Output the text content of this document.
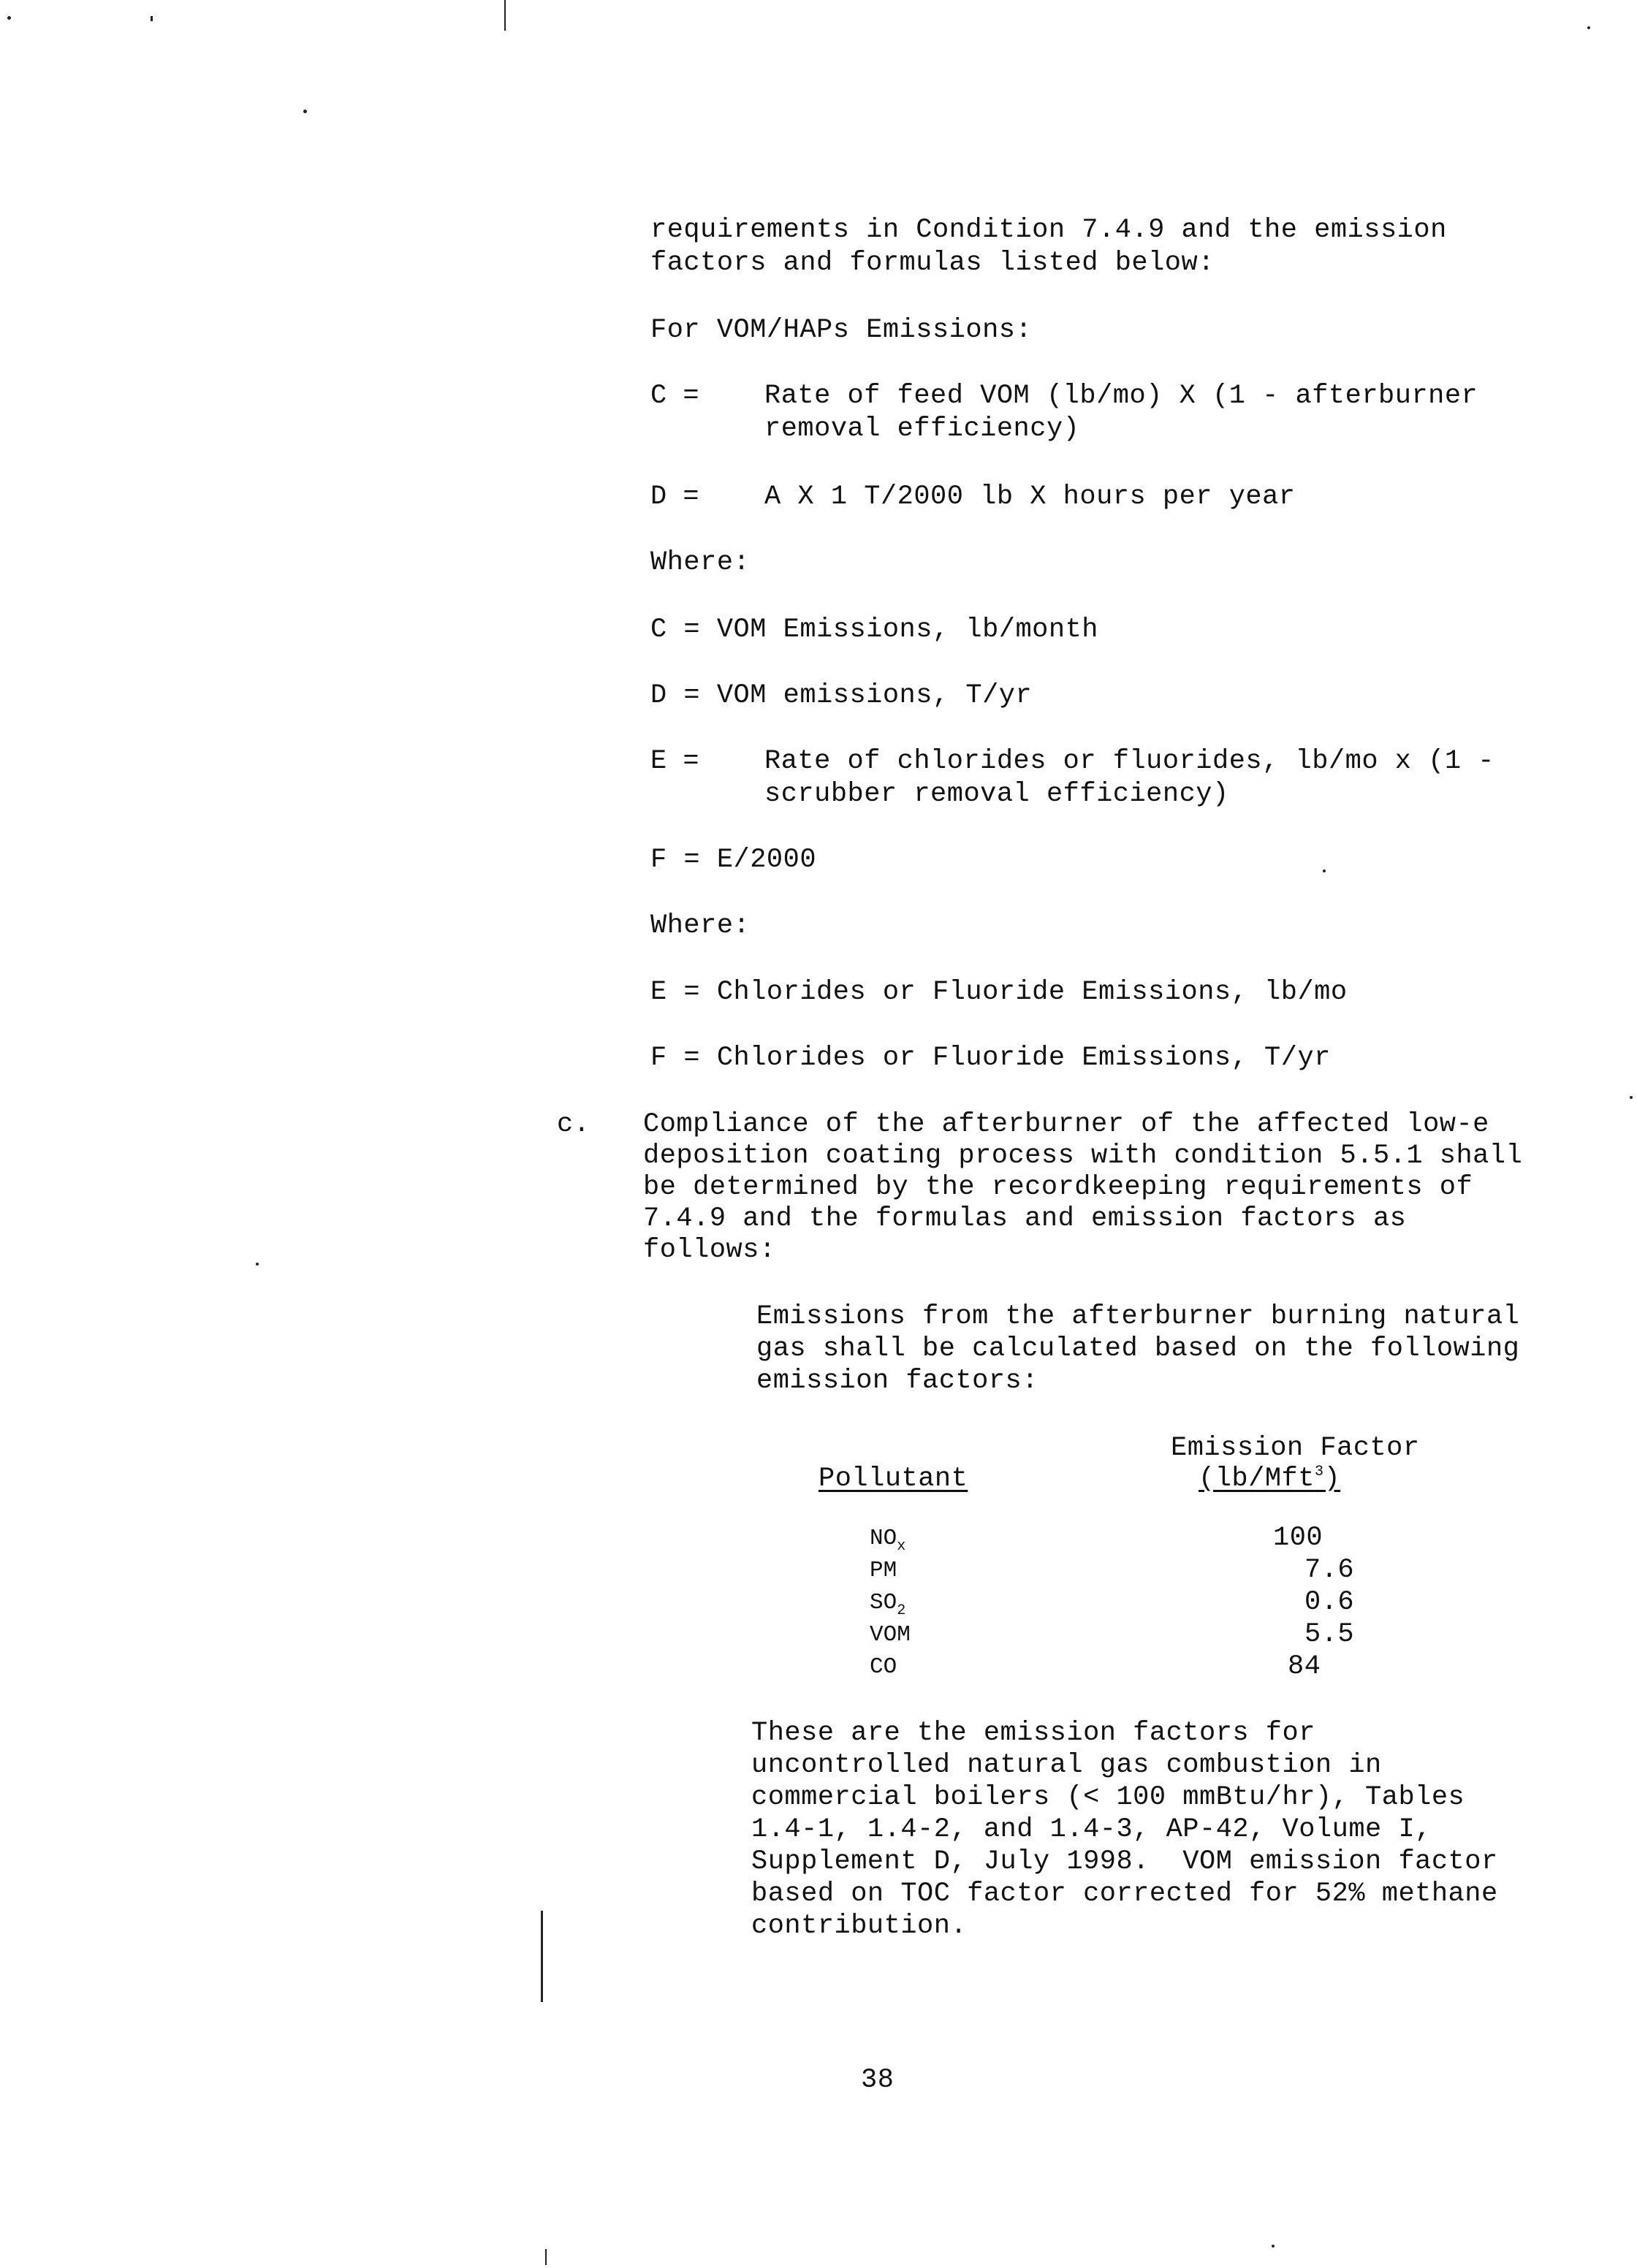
requirements in Condition 7.4.9 and the emission
factors and formulas listed below:
For VOM/HAPs Emissions:
C = Rate of feed VOM (lb/mo) X (1 - afterburner
removal efficiency)
D = A X 1 T/2000 lb X hours per year
Where:
C = VOM Emissions, lb/month
D = VOM emissions, T/yr
E = Rate of chlorides or fluorides, lb/mo x (1 -
scrubber removal efficiency)
F = E/2000
Where:
E = Chlorides or Fluoride Emissions, lb/mo
F = Chlorides or Fluoride Emissions, T/yr
c. Compliance of the afterburner of the affected low-e
deposition coating process with condition 5.5.1 shall
be determined by the recordkeeping requirements of
7.4.9 and the formulas and emission factors as
follows:
Emissions from the afterburner burning natural
gas shall be calculated based on the following
emission factors:
Emission Factor
Pollutant	(lb/Mft$^3$)
$NO_x$	100
PM	7.6
$SO_2$	0.6
VOM	5.5
CO	84
These are the emission factors for
uncontrolled natural gas combustion in
commercial boilers (< 100 mmBtu/hr), Tables
1.4-1, 1.4-2, and 1.4-3, AP-42, Volume I,
Supplement D, July 1998.  VOM emission factor
based on TOC factor corrected for 52% methane
contribution.
38
